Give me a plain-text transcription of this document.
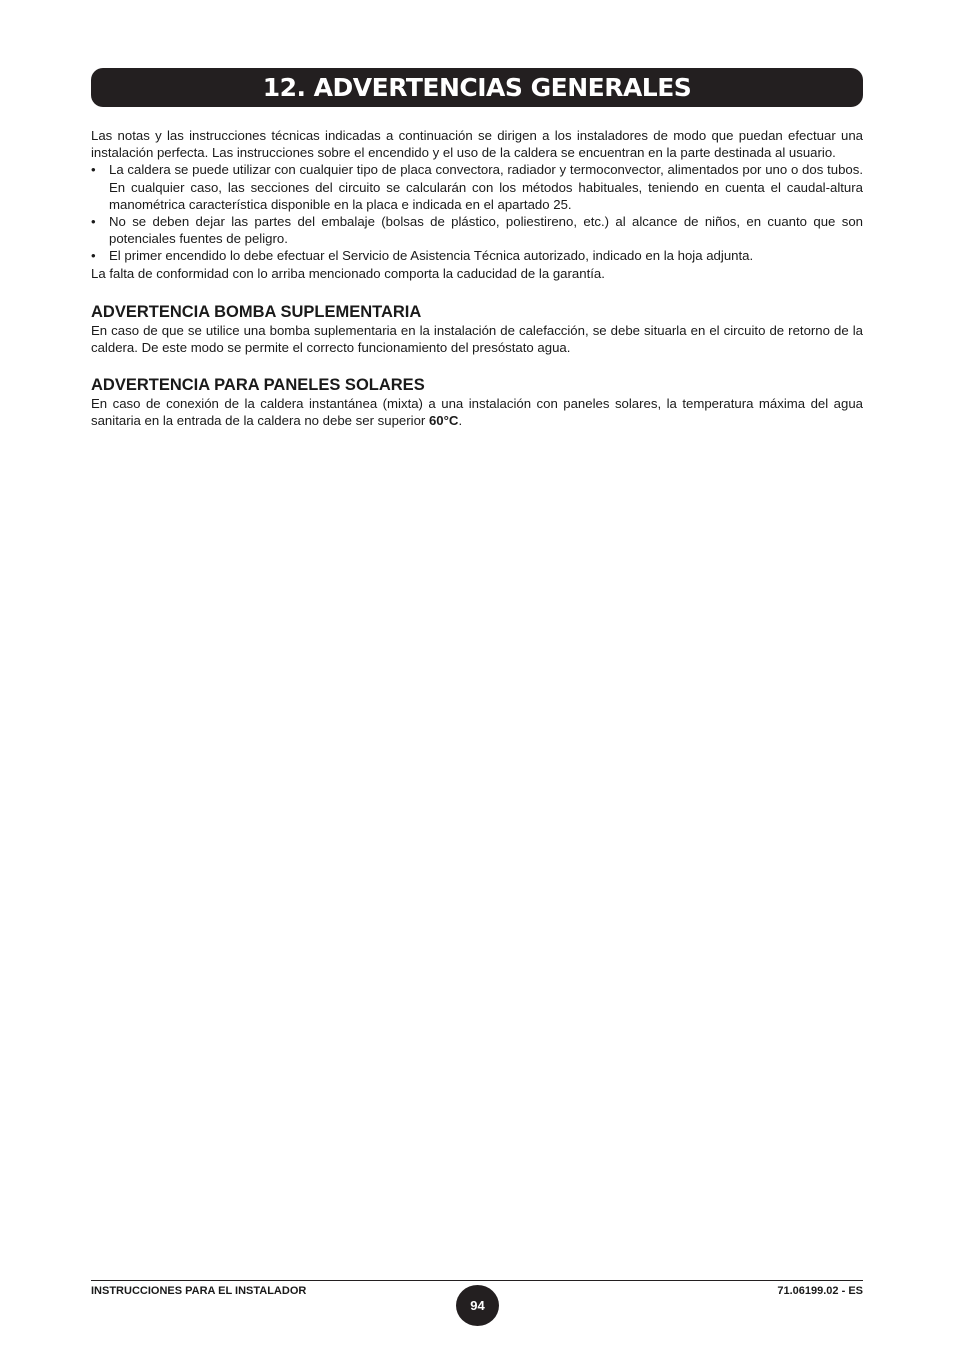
12. ADVERTENCIAS GENERALES

Las notas y las instrucciones técnicas indicadas a continuación se dirigen a los instaladores de modo que puedan efectuar una instalación perfecta. Las instrucciones sobre el encendido y el uso de la caldera se encuentran en la parte destinada al usuario.

• La caldera se puede utilizar con cualquier tipo de placa convectora, radiador y termoconvector, alimentados por uno o dos tubos. En cualquier caso, las secciones del circuito se calcularán con los métodos habituales, teniendo en cuenta el caudal-altura manométrica característica disponible en la placa e indicada en el apartado 25.
• No se deben dejar las partes del embalaje (bolsas de plástico, poliestireno, etc.) al alcance de niños, en cuanto que son potenciales fuentes de peligro.
• El primer encendido lo debe efectuar el Servicio de Asistencia Técnica autorizado, indicado en la hoja adjunta.

La falta de conformidad con lo arriba mencionado comporta la caducidad de la garantía.

ADVERTENCIA BOMBA SUPLEMENTARIA

En caso de que se utilice una bomba suplementaria en la instalación de calefacción, se debe situarla en el circuito de retorno de la caldera. De este modo se permite el correcto funcionamiento del presóstato agua.

ADVERTENCIA PARA PANELES SOLARES

En caso de conexión de la caldera instantánea (mixta) a una instalación con paneles solares, la temperatura máxima del agua sanitaria en la entrada de la caldera no debe ser superior 60°C.

INSTRUCCIONES PARA EL INSTALADOR
94
71.06199.02 - ES
